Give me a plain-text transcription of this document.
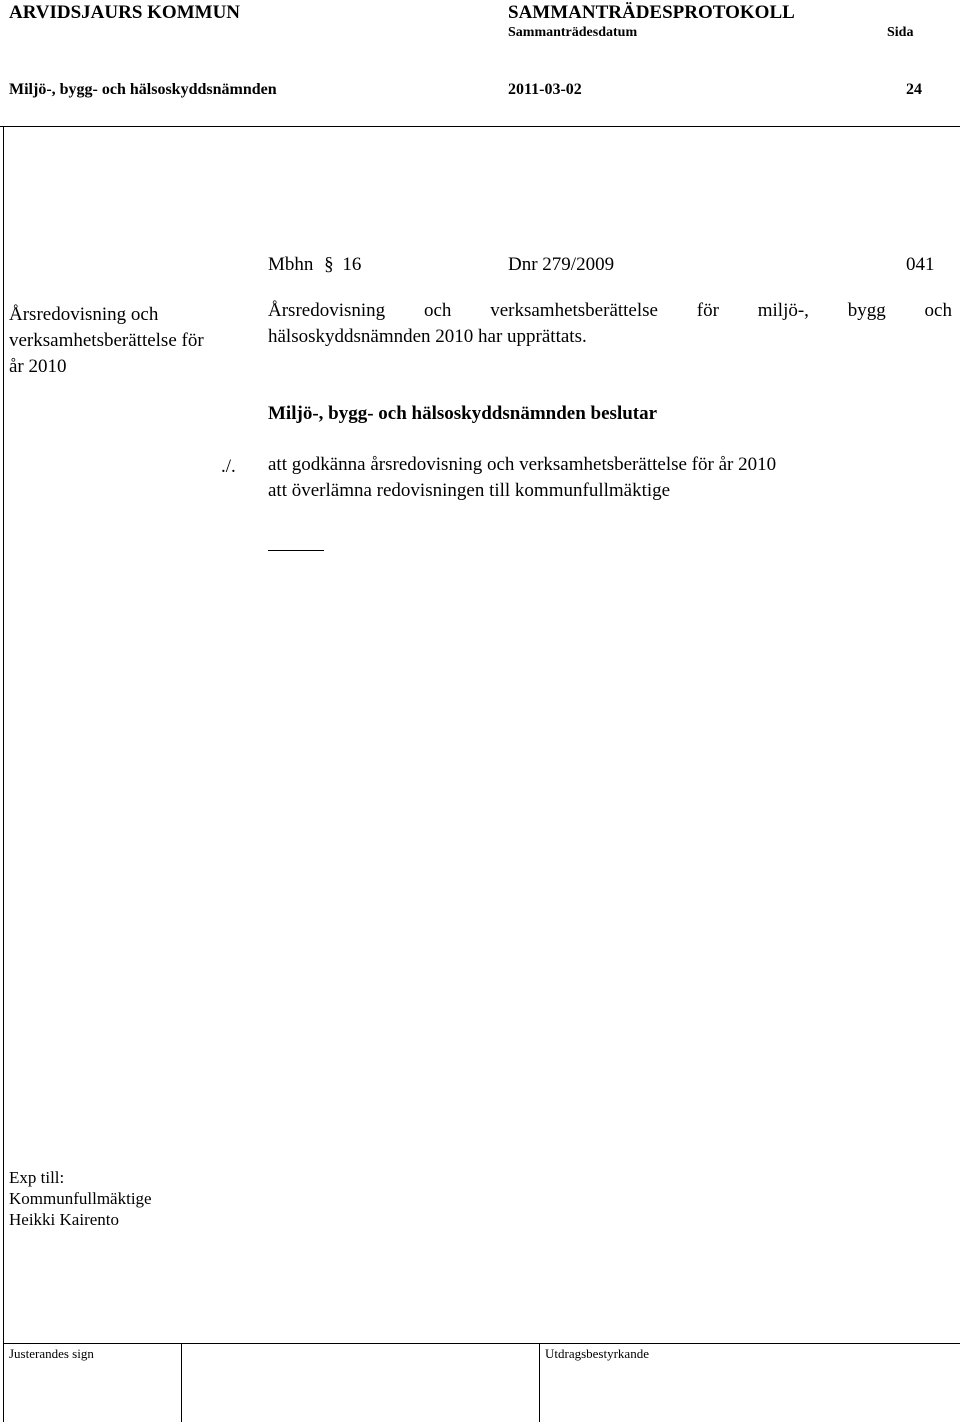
ARVIDSJAURS KOMMUN	SAMMANTRÄDESPROTOKOLL
Sammanträdesdatum	Sida
Miljö-, bygg- och hälsoskyddsnämnden	2011-03-02	24
Mbhn § 16	Dnr 279/2009	041
Årsredovisning och
verksamhetsberättelse för
år 2010
Årsredovisning och verksamhetsberättelse för miljö-, bygg och
hälsoskyddsnämnden 2010 har upprättats.
Miljö-, bygg- och hälsoskyddsnämnden beslutar
./. att godkänna årsredovisning och verksamhetsberättelse för år 2010
att överlämna redovisningen till kommunfullmäktige
Exp till:
Kommunfullmäktige
Heikki Kairento
Justerandes sign	Utdragsbestyrkande
